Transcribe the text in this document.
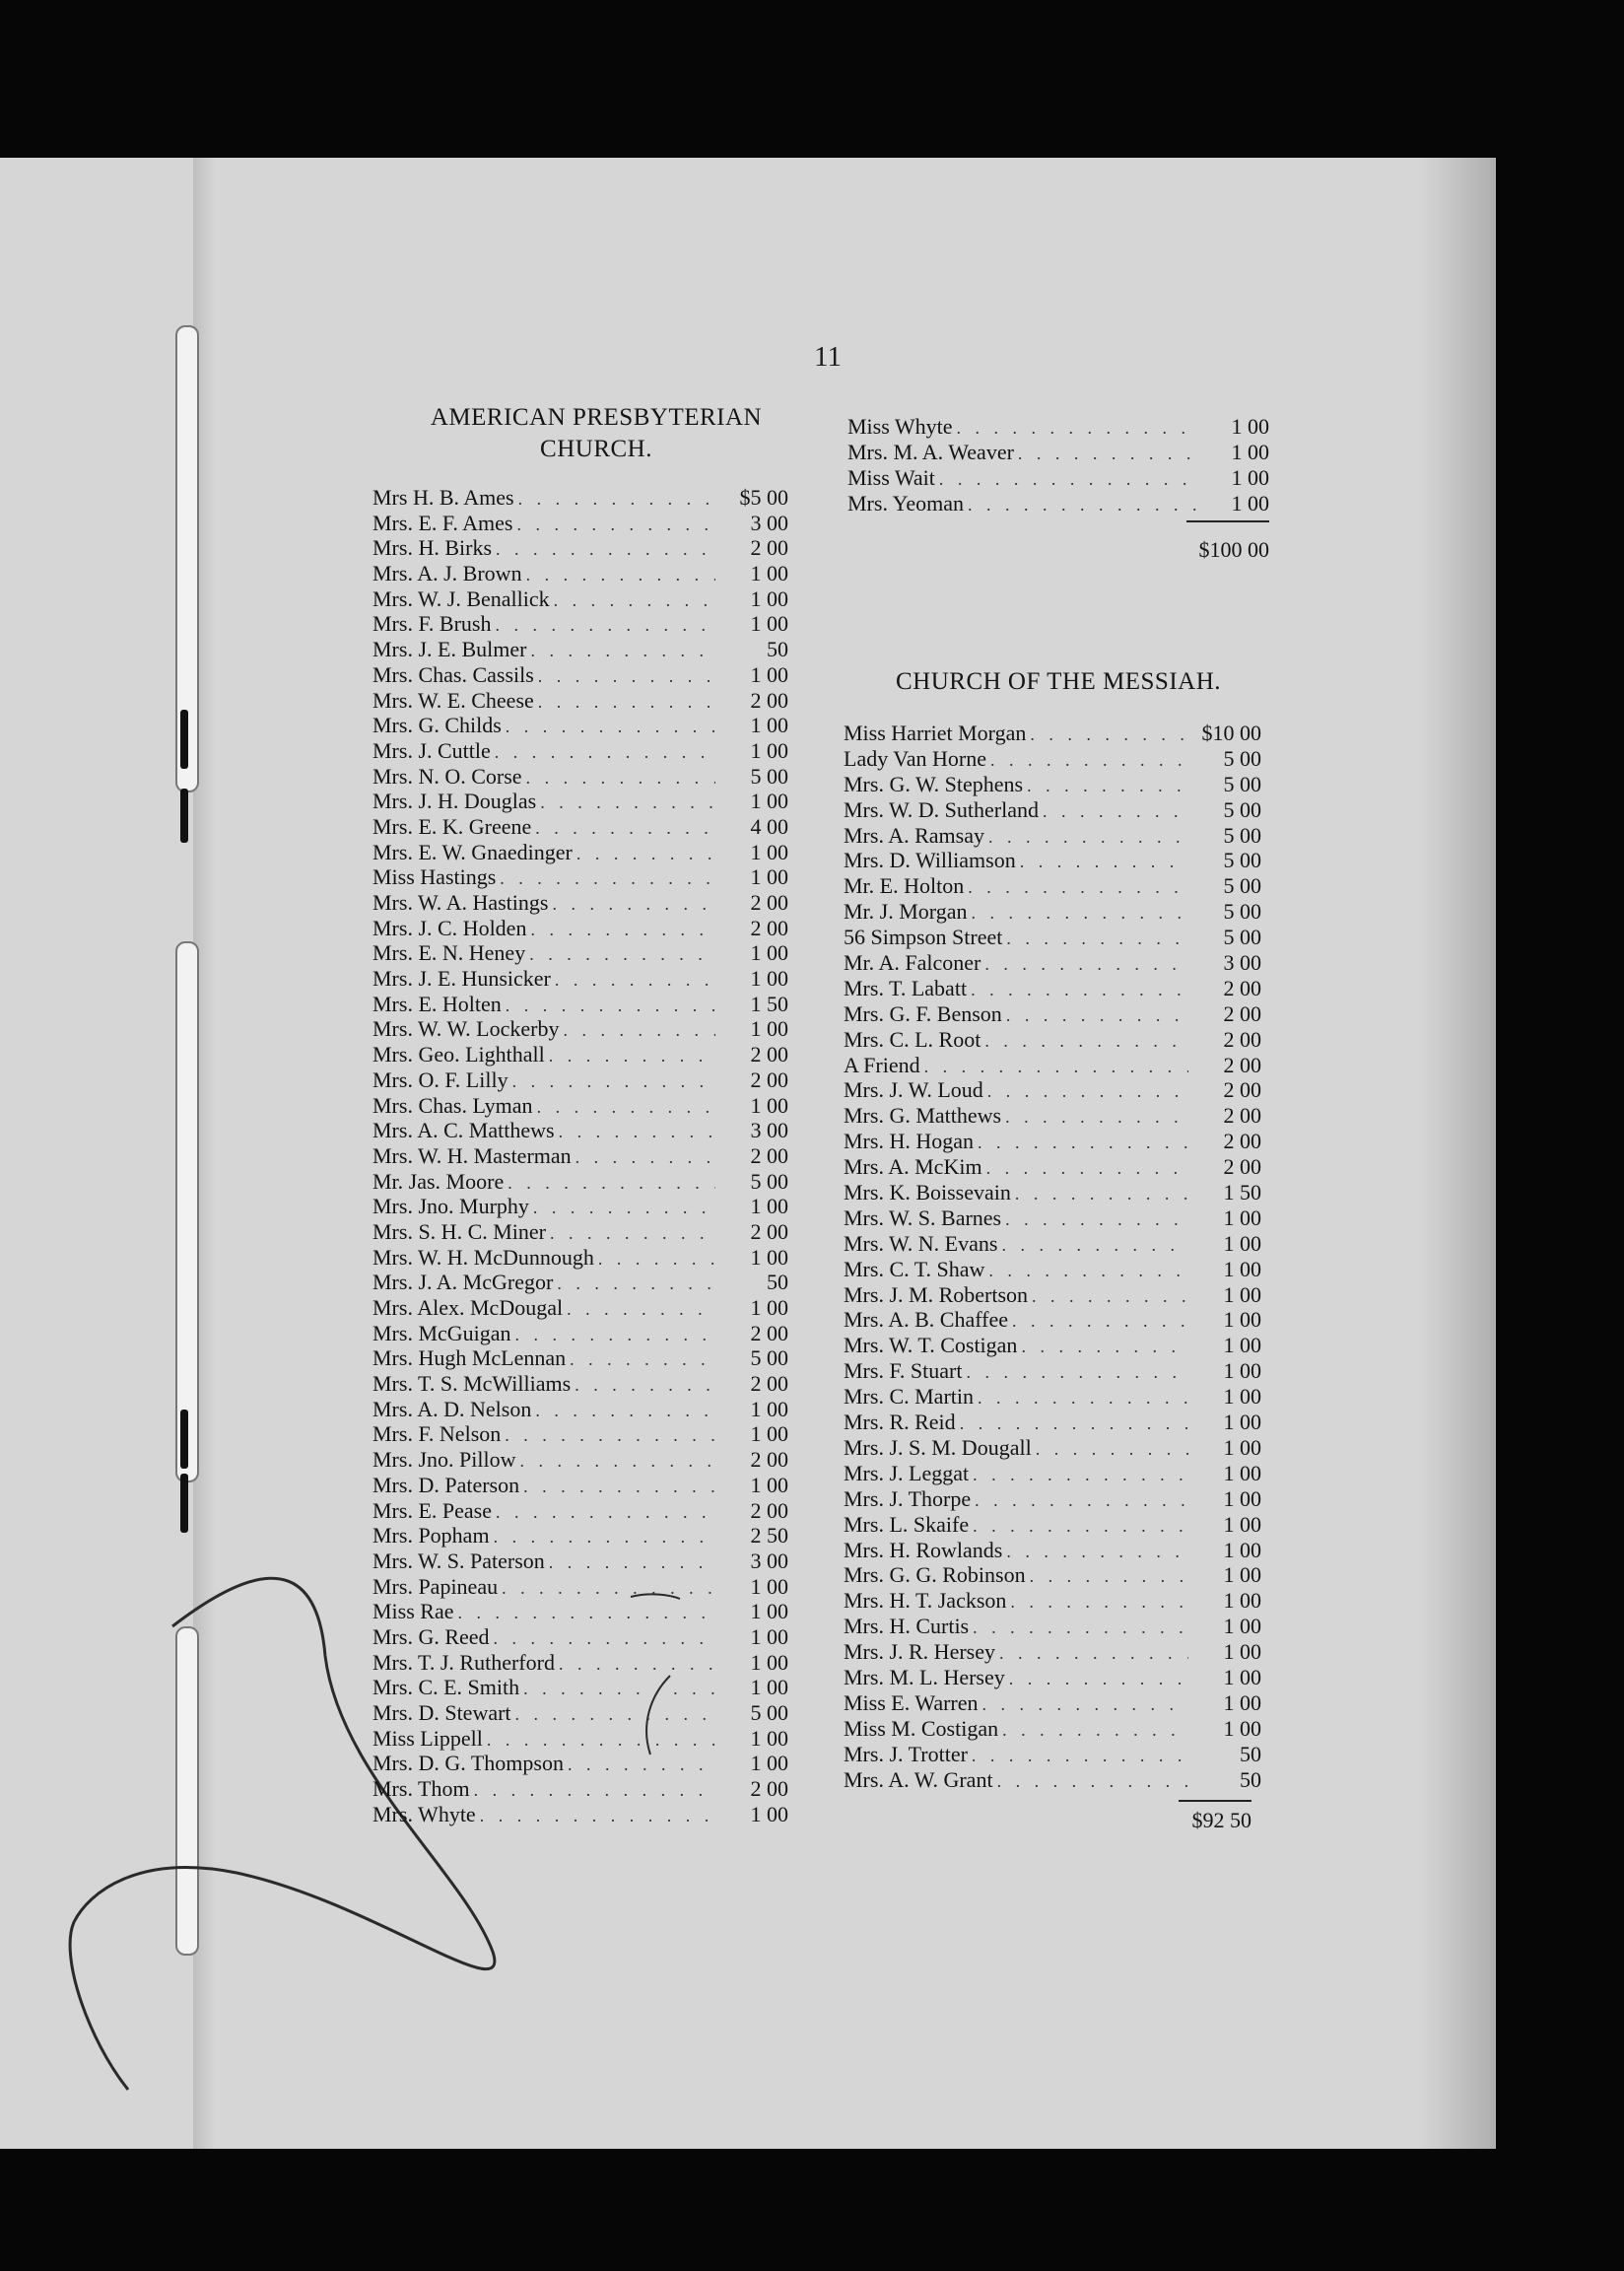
11
AMERICAN PRESBYTERIAN
CHURCH.
Mrs H. B. Ames . . .	$5 00
Mrs. E. F. Ames . . .	3 00
Mrs. H. Birks . . .	2 00
Mrs. A. J. Brown . . .	1 00
Mrs. W. J. Benallick . . .	1 00
Mrs. F. Brush . . .	1 00
Mrs. J. E. Bulmer . . .	50
Mrs. Chas. Cassils . . .	1 00
Mrs. W. E. Cheese . . .	2 00
Mrs. G. Childs . . .	1 00
Mrs. J. Cuttle . . .	1 00
Mrs. N. O. Corse . . .	5 00
Mrs. J. H. Douglas . . .	1 00
Mrs. E. K. Greene . . .	4 00
Mrs. E. W. Gnaedinger . . .	1 00
Miss Hastings . . .	1 00
Mrs. W. A. Hastings . . .	2 00
Mrs. J. C. Holden . . .	2 00
Mrs. E. N. Heney . . .	1 00
Mrs. J. E. Hunsicker . . .	1 00
Mrs. E. Holten . . .	1 50
Mrs. W. W. Lockerby . . .	1 00
Mrs. Geo. Lighthall . . .	2 00
Mrs. O. F. Lilly . . .	2 00
Mrs. Chas. Lyman . . .	1 00
Mrs. A. C. Matthews . . .	3 00
Mrs. W. H. Masterman . . .	2 00
Mr. Jas. Moore . . .	5 00
Mrs. Jno. Murphy . . .	1 00
Mrs. S. H. C. Miner . . .	2 00
Mrs. W. H. McDunnough . . .	1 00
Mrs. J. A. McGregor . . .	50
Mrs. Alex. McDougal . . .	1 00
Mrs. McGuigan . . .	2 00
Mrs. Hugh McLennan . . .	5 00
Mrs. T. S. McWilliams . . .	2 00
Mrs. A. D. Nelson . . .	1 00
Mrs. F. Nelson . . .	1 00
Mrs. Jno. Pillow . . .	2 00
Mrs. D. Paterson . . .	1 00
Mrs. E. Pease . . .	2 00
Mrs. Popham . . .	2 50
Mrs. W. S. Paterson . . .	3 00
Mrs. Papineau . . .	1 00
Miss Rae . . .	1 00
Mrs. G. Reed . . .	1 00
Mrs. T. J. Rutherford . . .	1 00
Mrs. C. E. Smith . . .	1 00
Mrs. D. Stewart . . .	5 00
Miss Lippell . . .	1 00
Mrs. D. G. Thompson . . .	1 00
Mrs. Thom . . .	2 00
Mrs. Whyte . . .	1 00
Miss Whyte . . .	1 00
Mrs. M. A. Weaver . . .	1 00
Miss Wait . . .	1 00
Mrs. Yeoman . . .	1 00
$100 00
CHURCH OF THE MESSIAH.
Miss Harriet Morgan . . .	$10 00
Lady Van Horne . . .	5 00
Mrs. G. W. Stephens . . .	5 00
Mrs. W. D. Sutherland . . .	5 00
Mrs. A. Ramsay . . .	5 00
Mrs. D. Williamson . . .	5 00
Mr. E. Holton . . .	5 00
Mr. J. Morgan . . .	5 00
56 Simpson Street . . .	5 00
Mr. A. Falconer . . .	3 00
Mrs. T. Labatt . . .	2 00
Mrs. G. F. Benson . . .	2 00
Mrs. C. L. Root . . .	2 00
A Friend . . .	2 00
Mrs. J. W. Loud . . .	2 00
Mrs. G. Matthews . . .	2 00
Mrs. H. Hogan . . .	2 00
Mrs. A. McKim . . .	2 00
Mrs. K. Boissevain . . .	1 50
Mrs. W. S. Barnes . . .	1 00
Mrs. W. N. Evans . . .	1 00
Mrs. C. T. Shaw . . .	1 00
Mrs. J. M. Robertson . . .	1 00
Mrs. A. B. Chaffee . . .	1 00
Mrs. W. T. Costigan . . .	1 00
Mrs. F. Stuart . . .	1 00
Mrs. C. Martin . . .	1 00
Mrs. R. Reid . . .	1 00
Mrs. J. S. M. Dougall . . .	1 00
Mrs. J. Leggat . . .	1 00
Mrs. J. Thorpe . . .	1 00
Mrs. L. Skaife . . .	1 00
Mrs. H. Rowlands . . .	1 00
Mrs. G. G. Robinson . . .	1 00
Mrs. H. T. Jackson . . .	1 00
Mrs. H. Curtis . . .	1 00
Mrs. J. R. Hersey . . .	1 00
Mrs. M. L. Hersey . . .	1 00
Miss E. Warren . . .	1 00
Miss M. Costigan . . .	1 00
Mrs. J. Trotter . . .	50
Mrs. A. W. Grant . . .	50
$92 50
